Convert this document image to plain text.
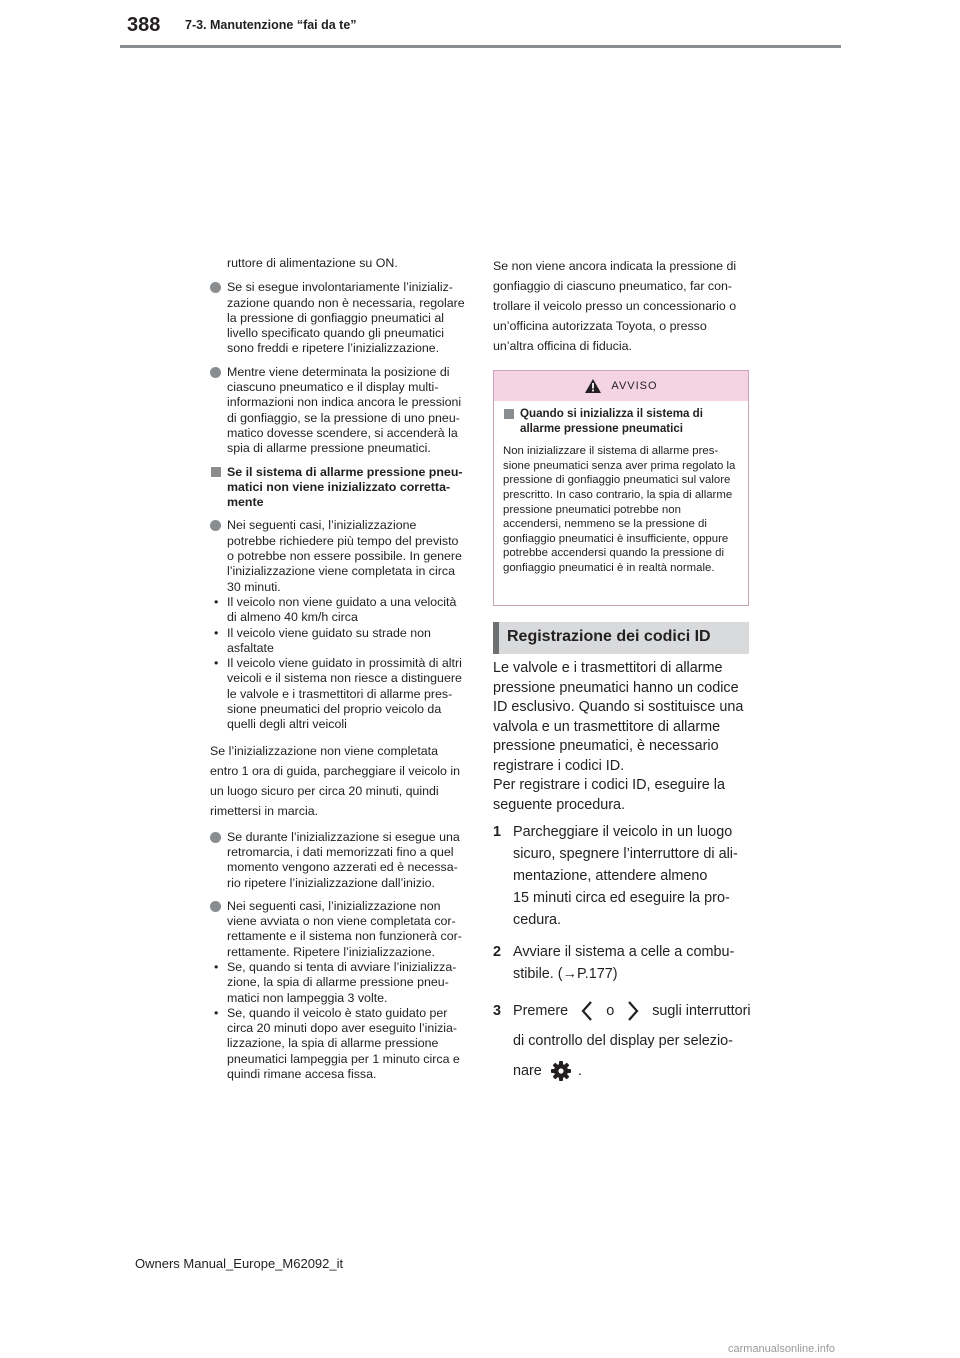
388 7-3. Manutenzione “fai da te”

ruttore di alimentazione su ON.

Se si esegue involontariamente l’inizializzazione quando non è necessaria, regolare la pressione di gonfiaggio pneumatici al livello specificato quando gli pneumatici sono freddi e ripetere l’inizializzazione.
Mentre viene determinata la posizione di ciascuno pneumatico e il display multiinformazioni non indica ancora le pressioni di gonfiaggio, se la pressione di uno pneumatico dovesse scendere, si accenderà la spia di allarme pressione pneumatici.
Se il sistema di allarme pressione pneumatici non viene inizializzato correttamente
Nei seguenti casi, l’inizializzazione potrebbe richiedere più tempo del previsto o potrebbe non essere possibile. In genere l’inizializzazione viene completata in circa 30 minuti.
• Il veicolo non viene guidato a una velocità di almeno 40 km/h circa
• Il veicolo viene guidato su strade non asfaltate
• Il veicolo viene guidato in prossimità di altri veicoli e il sistema non riesce a distinguere le valvole e i trasmettitori di allarme pressione pneumatici del proprio veicolo da quelli degli altri veicoli

Se l’inizializzazione non viene completata

entro 1 ora di guida, parcheggiare il veicolo in

un luogo sicuro per circa 20 minuti, quindi

rimettersi in marcia.

Se durante l’inizializzazione si esegue una retromarcia, i dati memorizzati fino a quel momento vengono azzerati ed è necessario ripetere l’inizializzazione dall’inizio.
Nei seguenti casi, l’inizializzazione non viene avviata o non viene completata correttamente e il sistema non funzionerà correttamente. Ripetere l’inizializzazione.
• Se, quando si tenta di avviare l’inizializzazione, la spia di allarme pressione pneumatici non lampeggia 3 volte.
• Se, quando il veicolo è stato guidato per circa 20 minuti dopo aver eseguito l’inizializzazione, la spia di allarme pressione pneumatici lampeggia per 1 minuto circa e quindi rimane accesa fissa.

Se non viene ancora indicata la pressione di

gonfiaggio di ciascuno pneumatico, far con-

trollare il veicolo presso un concessionario o

un’officina autorizzata Toyota, o presso

un’altra officina di fiducia.

AVVISO
Quando si inizializza il sistema di allarme pressione pneumatici
Non inizializzare il sistema di allarme pressione pneumatici senza aver prima regolato la pressione di gonfiaggio pneumatici sul valore prescritto. In caso contrario, la spia di allarme pressione pneumatici potrebbe non accendersi, nemmeno se la pressione di gonfiaggio pneumatici è insufficiente, oppure potrebbe accendersi quando la pressione di gonfiaggio pneumatici è in realtà normale.
Registrazione dei codici ID
Le valvole e i trasmettitori di allarme
pressione pneumatici hanno un codice
ID esclusivo. Quando si sostituisce una
valvola e un trasmettitore di allarme
pressione pneumatici, è necessario
registrare i codici ID.
Per registrare i codici ID, eseguire la
seguente procedura.
1 Parcheggiare il veicolo in un luogo

sicuro, spegnere l’interruttore di ali-

mentazione, attendere almeno

15 minuti circa ed eseguire la pro-

cedura.

2 Avviare il sistema a celle a combu-

stibile. (→P.177)

3 Premere	o	sugli interruttori

di controllo del display per selezio-

nare	.

Owners Manual_Europe_M62092_it
carmanualsonline.info
